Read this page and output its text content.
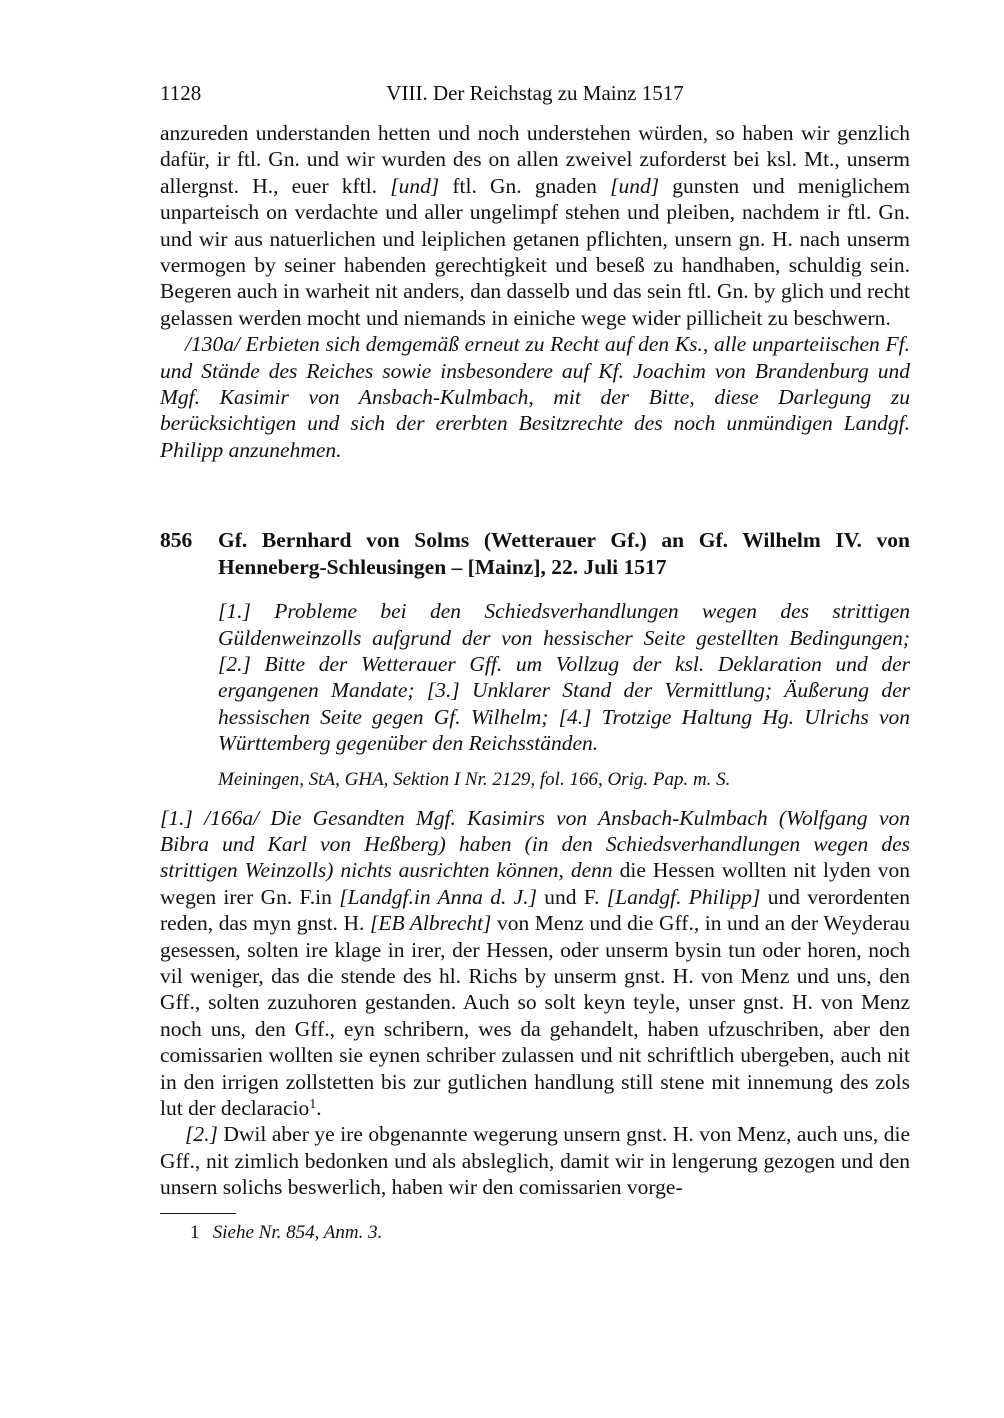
1128	VIII. Der Reichstag zu Mainz 1517

anzureden understanden hetten und noch understehen würden, so haben wir genzlich dafür, ir ftl. Gn. und wir wurden des on allen zweivel zuforderst bei ksl. Mt., unserm allergnst. H., euer kftl. [und] ftl. Gn. gnaden [und] gunsten und meniglichem unparteisch on verdachte und aller ungelimpf stehen und pleiben, nachdem ir ftl. Gn. und wir aus natuerlichen und leiplichen getanen pflichten, unsern gn. H. nach unserm vermogen by seiner habenden gerechtigkeit und beseß zu handhaben, schuldig sein. Begeren auch in warheit nit anders, dan dasselb und das sein ftl. Gn. by glich und recht gelassen werden mocht und niemands in einiche wege wider pillicheit zu beschwern.

/130a/ Erbieten sich demgemäß erneut zu Recht auf den Ks., alle unparteiischen Ff. und Stände des Reiches sowie insbesondere auf Kf. Joachim von Brandenburg und Mgf. Kasimir von Ansbach-Kulmbach, mit der Bitte, diese Darlegung zu berücksichtigen und sich der ererbten Besitzrechte des noch unmündigen Landgf. Philipp anzunehmen.

856	Gf. Bernhard von Solms (Wetterauer Gf.) an Gf. Wilhelm IV. von Henneberg-Schleusingen – [Mainz], 22. Juli 1517

[1.] Probleme bei den Schiedsverhandlungen wegen des strittigen Güldenweinzolls aufgrund der von hessischer Seite gestellten Bedingungen; [2.] Bitte der Wetterauer Gff. um Vollzug der ksl. Deklaration und der ergangenen Mandate; [3.] Unklarer Stand der Vermittlung; Äußerung der hessischen Seite gegen Gf. Wilhelm; [4.] Trotzige Haltung Hg. Ulrichs von Württemberg gegenüber den Reichsständen.

Meiningen, StA, GHA, Sektion I Nr. 2129, fol. 166, Orig. Pap. m. S.

[1.] /166a/ Die Gesandten Mgf. Kasimirs von Ansbach-Kulmbach (Wolfgang von Bibra und Karl von Heßberg) haben (in den Schiedsverhandlungen wegen des strittigen Weinzolls) nichts ausrichten können, denn die Hessen wollten nit lyden von wegen irer Gn. F.in [Landgf.in Anna d. J.] und F. [Landgf. Philipp] und verordenten reden, das myn gnst. H. [EB Albrecht] von Menz und die Gff., in und an der Weyderau gesessen, solten ire klage in irer, der Hessen, oder unserm bysin tun oder horen, noch vil weniger, das die stende des hl. Richs by unserm gnst. H. von Menz und uns, den Gff., solten zuzuhoren gestanden. Auch so solt keyn teyle, unser gnst. H. von Menz noch uns, den Gff., eyn schribern, wes da gehandelt, haben ufzuschriben, aber den comissarien wollten sie eynen schriber zulassen und nit schriftlich ubergeben, auch nit in den irrigen zollstetten bis zur gutlichen handlung still stene mit innemung des zols lut der declaracio$^1$.

[2.] Dwil aber ye ire obgenannte wegerung unsern gnst. H. von Menz, auch uns, die Gff., nit zimlich bedonken und als absleglich, damit wir in lengerung gezogen und den unsern solichs beswerlich, haben wir den comissarien vorge-

1 Siehe Nr. 854, Anm. 3.
